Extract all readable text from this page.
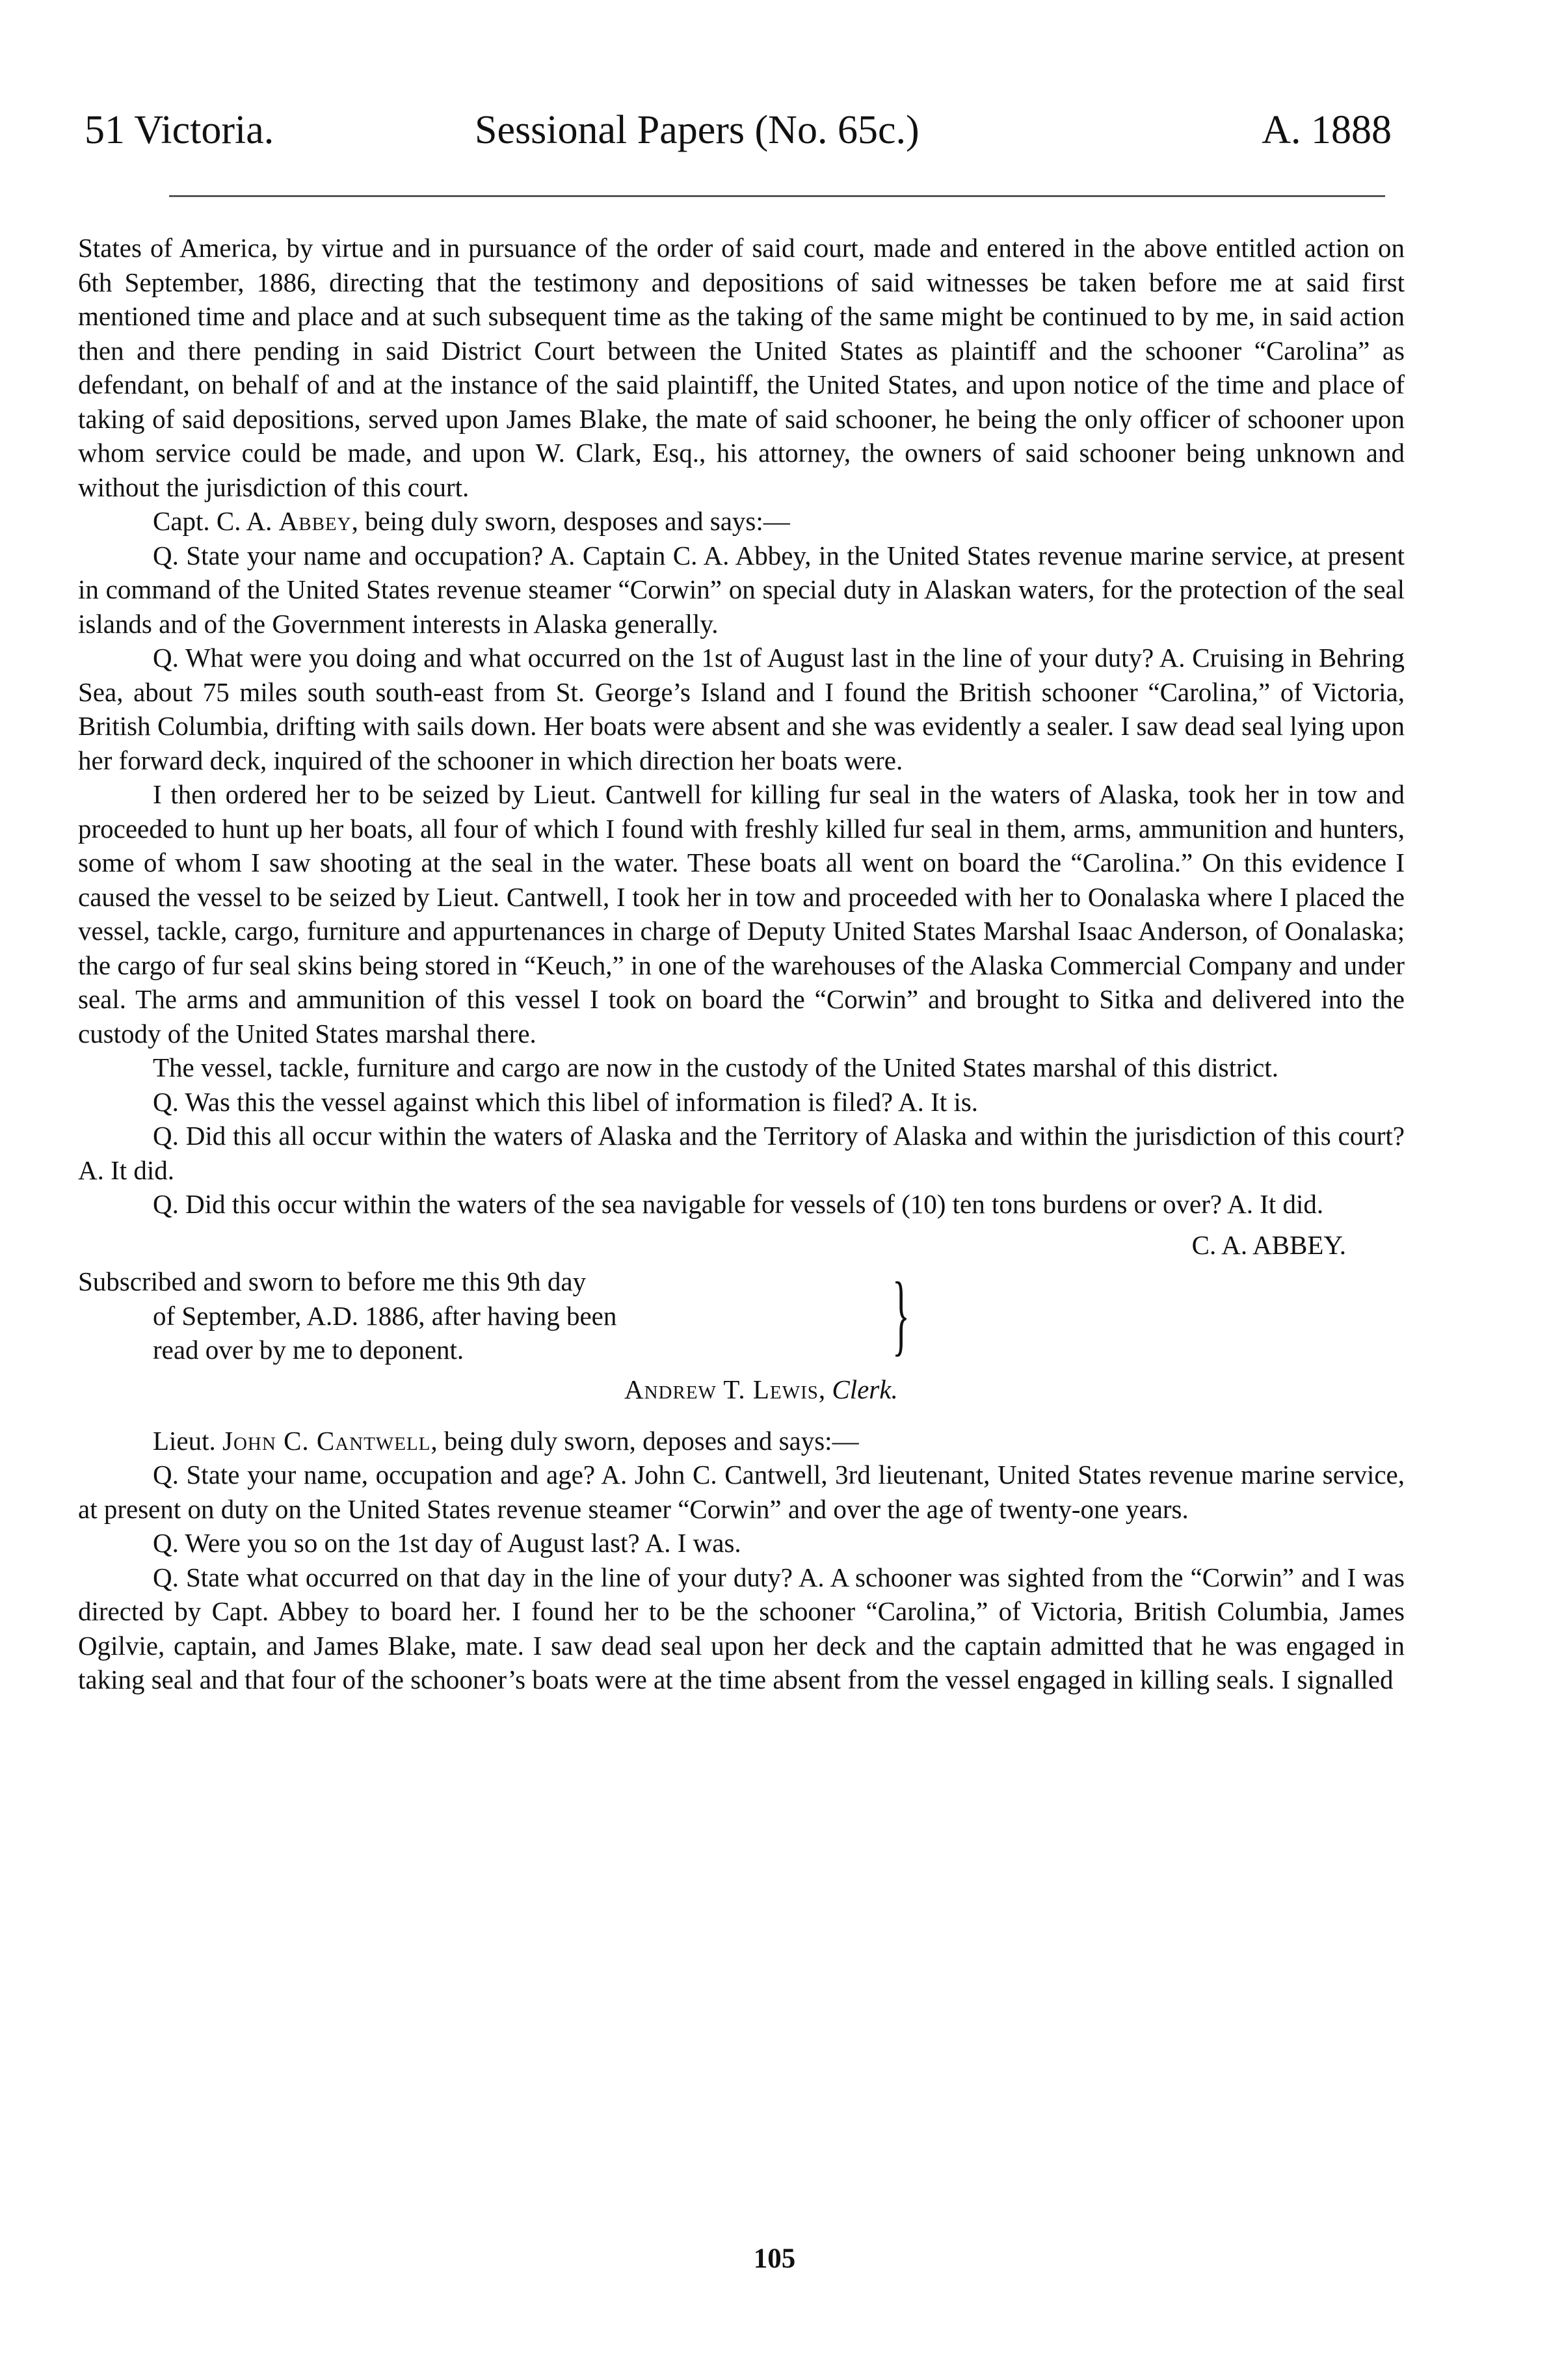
51 Victoria.	Sessional Papers (No. 65c.)	A. 1888

States of America, by virtue and in pursuance of the order of said court, made and entered in the above entitled action on 6th September, 1886, directing that the testimony and depositions of said witnesses be taken before me at said first mentioned time and place and at such subsequent time as the taking of the same might be continued to by me, in said action then and there pending in said District Court between the United States as plaintiff and the schooner “Carolina” as defendant, on behalf of and at the instance of the said plaintiff, the United States, and upon notice of the time and place of taking of said depositions, served upon James Blake, the mate of said schooner, he being the only officer of schooner upon whom service could be made, and upon W. Clark, Esq., his attorney, the owners of said schooner being unknown and without the jurisdiction of this court.

Capt. C. A. Abbey, being duly sworn, desposes and says:—

Q. State your name and occupation? A. Captain C. A. Abbey, in the United States revenue marine service, at present in command of the United States revenue steamer “Corwin” on special duty in Alaskan waters, for the protection of the seal islands and of the Government interests in Alaska generally.

Q. What were you doing and what occurred on the 1st of August last in the line of your duty? A. Cruising in Behring Sea, about 75 miles south south-east from St. George’s Island and I found the British schooner “Carolina,” of Victoria, British Columbia, drifting with sails down. Her boats were absent and she was evidently a sealer. I saw dead seal lying upon her forward deck, inquired of the schooner in which direction her boats were.

I then ordered her to be seized by Lieut. Cantwell for killing fur seal in the waters of Alaska, took her in tow and proceeded to hunt up her boats, all four of which I found with freshly killed fur seal in them, arms, ammunition and hunters, some of whom I saw shooting at the seal in the water. These boats all went on board the “Carolina.” On this evidence I caused the vessel to be seized by Lieut. Cantwell, I took her in tow and proceeded with her to Oonalaska where I placed the vessel, tackle, cargo, furniture and appurtenances in charge of Deputy United States Marshal Isaac Anderson, of Oonalaska; the cargo of fur seal skins being stored in “Keuch,” in one of the warehouses of the Alaska Commercial Company and under seal. The arms and ammunition of this vessel I took on board the “Corwin” and brought to Sitka and delivered into the custody of the United States marshal there.

The vessel, tackle, furniture and cargo are now in the custody of the United States marshal of this district.

Q. Was this the vessel against which this libel of information is filed? A. It is.

Q. Did this all occur within the waters of Alaska and the Territory of Alaska and within the jurisdiction of this court? A. It did.

Q. Did this occur within the waters of the sea navigable for vessels of (10) ten tons burdens or over? A. It did.

C. A. ABBEY.

Subscribed and sworn to before me this 9th day
of September, A.D. 1886, after having been
read over by me to deponent.	}

Andrew T. Lewis, Clerk.

Lieut. John C. Cantwell, being duly sworn, deposes and says:—

Q. State your name, occupation and age? A. John C. Cantwell, 3rd lieutenant, United States revenue marine service, at present on duty on the United States revenue steamer “Corwin” and over the age of twenty-one years.

Q. Were you so on the 1st day of August last? A. I was.

Q. State what occurred on that day in the line of your duty? A. A schooner was sighted from the “Corwin” and I was directed by Capt. Abbey to board her. I found her to be the schooner “Carolina,” of Victoria, British Columbia, James Ogilvie, captain, and James Blake, mate. I saw dead seal upon her deck and the captain admitted that he was engaged in taking seal and that four of the schooner’s boats were at the time absent from the vessel engaged in killing seals. I signalled

105
